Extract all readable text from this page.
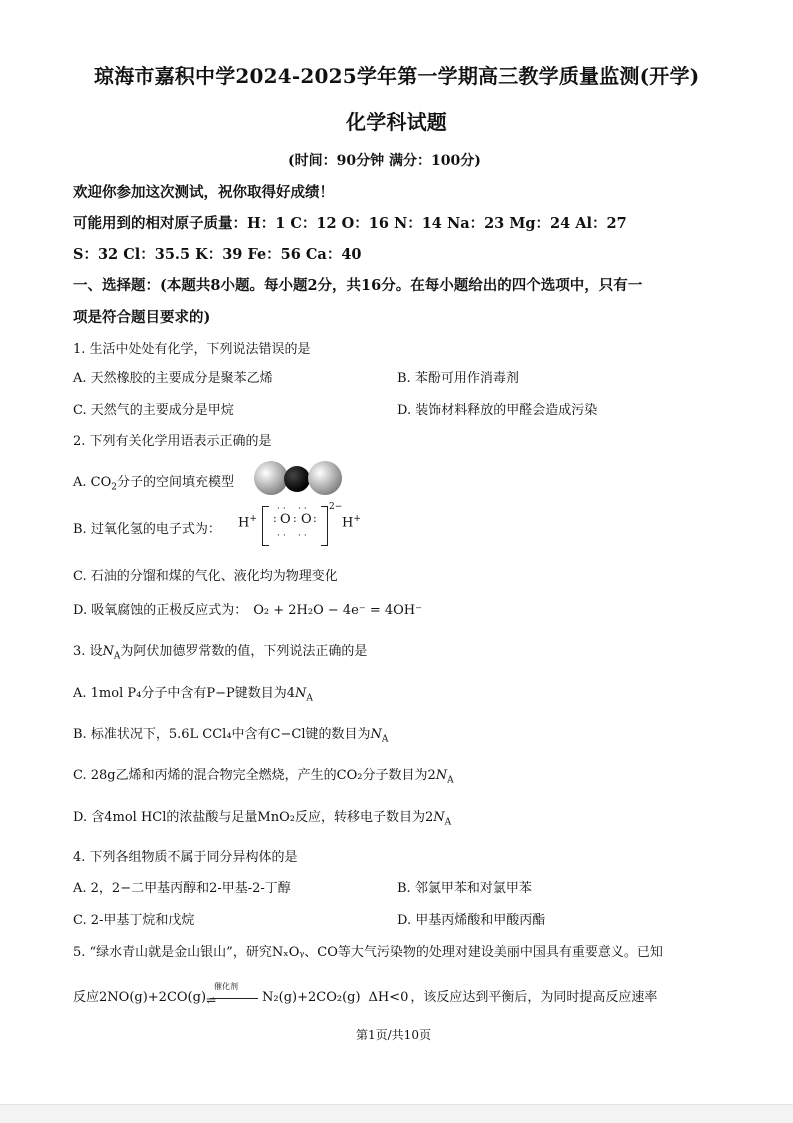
琼海市嘉积中学2024-2025学年第一学期高三教学质量监测(开学)
化学科试题
(时间：90分钟 满分：100分)
欢迎你参加这次测试，祝你取得好成绩！
可能用到的相对原子质量：H：1 C：12 O：16 N：14 Na：23 Mg：24 Al：27
S：32 Cl：35.5 K：39 Fe：56 Ca：40
一、选择题：(本题共8小题。每小题2分，共16分。在每小题给出的四个选项中，只有一
项是符合题目要求的)
1. 生活中处处有化学，下列说法错误的是
A. 天然橡胶的主要成分是聚苯乙烯	B. 苯酚可用作消毒剂
C. 天然气的主要成分是甲烷	D. 装饰材料释放的甲醛会造成污染
2. 下列有关化学用语表示正确的是
A. $CO_2$分子的空间填充模型
B. 过氧化氢的电子式为： H+ O O
·· ··
·· ··
: : :
2−
H+
C. 石油的分馏和煤的气化、液化均为物理变化
D. 吸氧腐蚀的正极反应式为： O₂ + 2H₂O − 4e⁻ = 4OH⁻
3. 设$N_A$为阿伏加德罗常数的值，下列说法正确的是
A. 1mol P₄分子中含有P−P键数目为$4N_A$
B. 标准状况下，5.6L CCl₄中含有C−Cl键的数目为$N_A$
C. 28g乙烯和丙烯的混合物完全燃烧，产生的CO₂分子数目为$2N_A$
D. 含4mol HCl的浓盐酸与足量MnO₂反应，转移电子数目为$2N_A$
4. 下列各组物质不属于同分异构体的是
A. 2，2−二甲基丙醇和2-甲基-2-丁醇	B. 邻氯甲苯和对氯甲苯
C. 2-甲基丁烷和戊烷	D. 甲基丙烯酸和甲酸丙酯
5. “绿水青山就是金山银山”，研究NₓOᵧ、CO等大气污染物的处理对建设美丽中国具有重要意义。已知
反应2NO(g)+2CO(g)
催化剂
⇌	N₂(g)+2CO₂(g) ΔH<0 ，该反应达到平衡后，为同时提高反应速率
第1页/共10页
